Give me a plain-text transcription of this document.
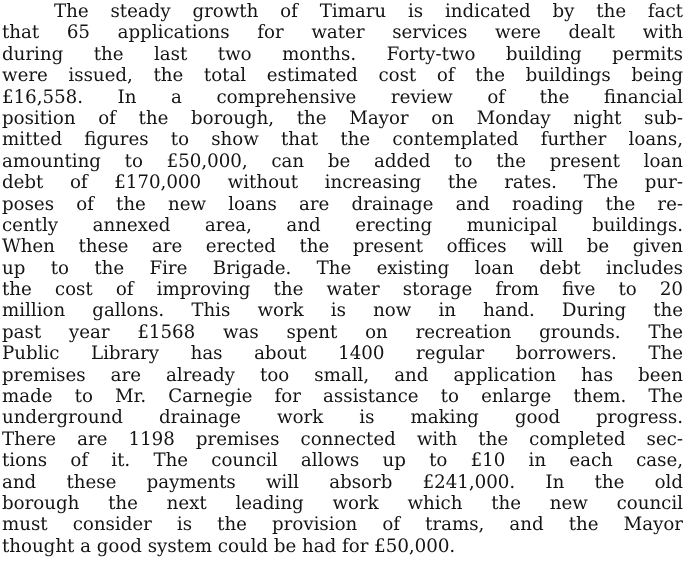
The steady growth of Timaru is indicated by the fact
that 65 applications for water services were dealt with
during the last two months. Forty-two building permits
were issued, the total estimated cost of the buildings being
£16,558. In a comprehensive review of the financial
position of the borough, the Mayor on Monday night sub-
mitted figures to show that the contemplated further loans,
amounting to £50,000, can be added to the present loan
debt of £170,000 without increasing the rates. The pur-
poses of the new loans are drainage and roading the re-
cently annexed area, and erecting municipal buildings.
When these are erected the present offices will be given
up to the Fire Brigade. The existing loan debt includes
the cost of improving the water storage from five to 20
million gallons. This work is now in hand. During the
past year £1568 was spent on recreation grounds. The
Public Library has about 1400 regular borrowers. The
premises are already too small, and application has been
made to Mr. Carnegie for assistance to enlarge them. The
underground drainage work is making good progress.
There are 1198 premises connected with the completed sec-
tions of it. The council allows up to £10 in each case,
and these payments will absorb £241,000. In the old
borough the next leading work which the new council
must consider is the provision of trams, and the Mayor
thought a good system could be had for £50,000.
